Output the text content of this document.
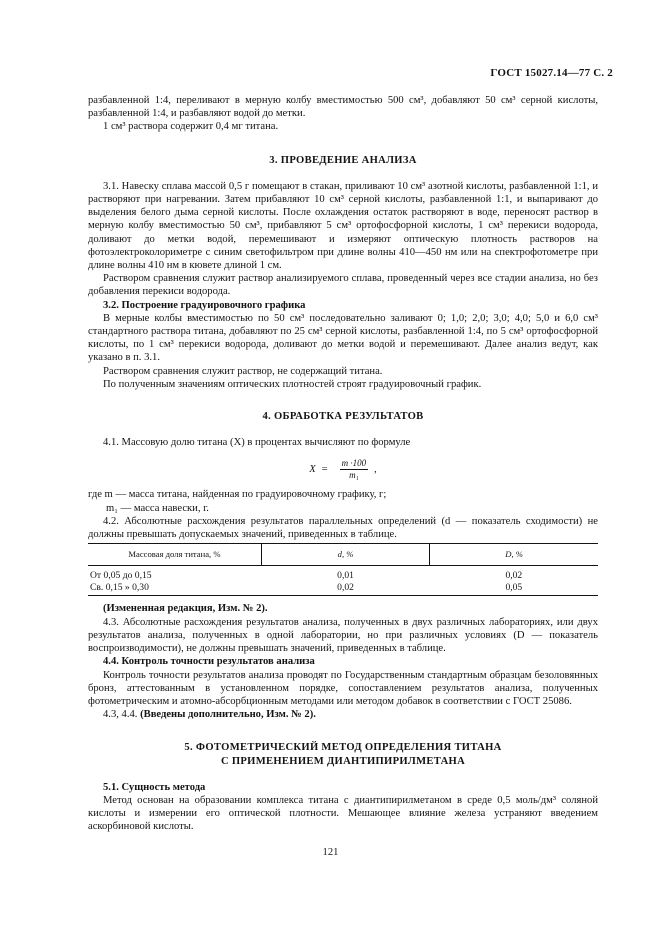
ГОСТ 15027.14—77 С. 2

разбавленной 1:4, переливают в мерную колбу вместимостью 500 см³, добавляют 50 см³ серной кислоты, разбавленной 1:4, и разбавляют водой до метки.

1 см³ раствора содержит 0,4 мг титана.

3. ПРОВЕДЕНИЕ АНАЛИЗА

3.1. Навеску сплава массой 0,5 г помещают в стакан, приливают 10 см³ азотной кислоты, разбавленной 1:1, и растворяют при нагревании. Затем прибавляют 10 см³ серной кислоты, разбавленной 1:1, и выпаривают до выделения белого дыма серной кислоты. После охлаждения остаток растворяют в воде, переносят раствор в мерную колбу вместимостью 50 см³, прибавляют 5 см³ ортофосфорной кислоты, 1 см³ перекиси водорода, доливают до метки водой, перемешивают и измеряют оптическую плотность растворов на фотоэлектроколориметре с синим светофильтром при длине волны 410—450 нм или на спектрофотометре при длине волны 410 нм в кювете длиной 1 см.

Раствором сравнения служит раствор анализируемого сплава, проведенный через все стадии анализа, но без добавления перекиси водорода.

3.2. Построение градуировочного графика

В мерные колбы вместимостью по 50 см³ последовательно заливают 0; 1,0; 2,0; 3,0; 4,0; 5,0 и 6,0 см³ стандартного раствора титана, добавляют по 25 см³ серной кислоты, разбавленной 1:4, по 5 см³ ортофосфорной кислоты, по 1 см³ перекиси водорода, доливают до метки водой и перемешивают. Далее анализ ведут, как указано в п. 3.1.

Раствором сравнения служит раствор, не содержащий титана.

По полученным значениям оптических плотностей строят градуировочный график.

4. ОБРАБОТКА РЕЗУЛЬТАТОВ

4.1. Массовую долю титана (X) в процентах вычисляют по формуле

$X = \frac{m \cdot 100}{\text{m₁}}$ ,

где m — масса титана, найденная по градуировочному графику, г;

m₁ — масса навески, г.

4.2. Абсолютные расхождения результатов параллельных определений (d — показатель сходимости) не должны превышать допускаемых значений, приведенных в таблице.

Массовая доля титана, %	d, %	D, %
От 0,05 до 0,15	0,01	0,02
Св. 0,15 » 0,30	0,02	0,05

(Измененная редакция, Изм. № 2).

4.3. Абсолютные расхождения результатов анализа, полученных в двух различных лабораториях, или двух результатов анализа, полученных в одной лаборатории, но при различных условиях (D — показатель воспроизводимости), не должны превышать значений, приведенных в таблице.

4.4. Контроль точности результатов анализа

Контроль точности результатов анализа проводят по Государственным стандартным образцам безоловянных бронз, аттестованным в установленном порядке, сопоставлением результатов анализа, полученных фотометрическим и атомно-абсорбционным методами или методом добавок в соответствии с ГОСТ 25086.

4.3, 4.4. (Введены дополнительно, Изм. № 2).

5. ФОТОМЕТРИЧЕСКИЙ МЕТОД ОПРЕДЕЛЕНИЯ ТИТАНА

С ПРИМЕНЕНИЕМ ДИАНТИПИРИЛМЕТАНА

5.1. Сущность метода

Метод основан на образовании комплекса титана с диантипирилметаном в среде 0,5 моль/дм³ соляной кислоты и измерении его оптической плотности. Мешающее влияние железа устраняют введением аскорбиновой кислоты.

121
